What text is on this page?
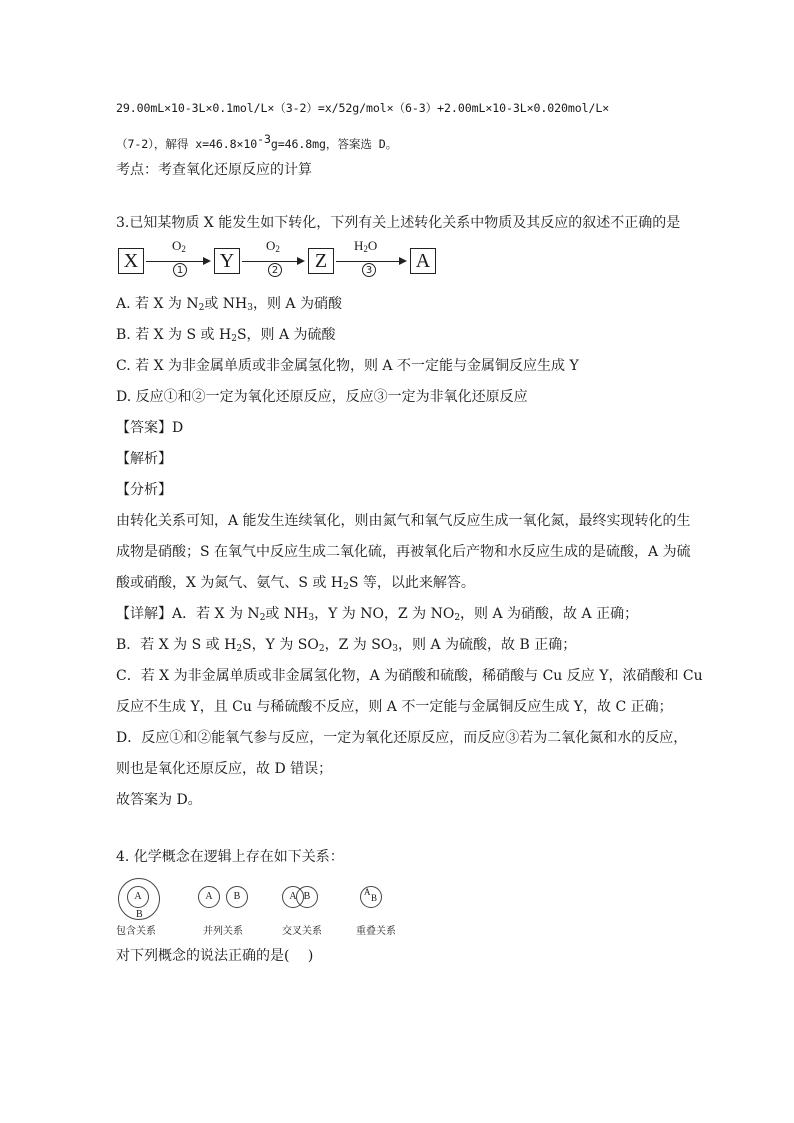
29.00mL×10-3L×0.1mol/L×（3-2）=x/52g/mol×（6-3）+2.00mL×10-3L×0.020mol/L×
（7-2），解得 $x=46.8\times 10^{-3}g=46.8mg$，答案选 D。
考点：考查氧化还原反应的计算
3.已知某物质 X 能发生如下转化，下列有关上述转化关系中物质及其反应的叙述不正确的是
X
$O_2$
1 Y
$O_2$
2	Z
$H_2O$
3 A
A. 若 X 为 $N_2$或 $NH_3$，则 A 为硝酸
B. 若 X 为 S 或 $H_2S$，则 A 为硫酸
C. 若 X 为非金属单质或非金属氢化物，则 A 不一定能与金属铜反应生成 Y
D. 反应①和②一定为氧化还原反应，反应③一定为非氧化还原反应
【答案】D
【解析】
【分析】
由转化关系可知，A 能发生连续氧化，则由氮气和氧气反应生成一氧化氮，最终实现转化的生
成物是硝酸；S 在氧气中反应生成二氧化硫，再被氧化后产物和水反应生成的是硫酸，A 为硫
酸或硝酸，X 为氮气、氨气、S 或 $H_2S$ 等，以此来解答。
【详解】A．若 X 为 $N_2$或 $NH_3$，Y 为 NO，Z 为 $NO_2$，则 A 为硝酸，故 A 正确；
B．若 X 为 S 或 $H_2S$，Y 为 $SO_2$，Z 为 $SO_3$，则 A 为硫酸，故 B 正确；
C．若 X 为非金属单质或非金属氢化物，A 为硝酸和硫酸，稀硝酸与 Cu 反应 Y，浓硝酸和 Cu
反应不生成 Y，且 Cu 与稀硫酸不反应，则 A 不一定能与金属铜反应生成 Y，故 C 正确；
D．反应①和②能氧气参与反应，一定为氧化还原反应，而反应③若为二氧化氮和水的反应，
则也是氧化还原反应，故 D 错误；
故答案为 D。
4. 化学概念在逻辑上存在如下关系：
A
B
包含关系
A	B
并列关系
A B
交叉关系
A
B
重叠关系
对下列概念的说法正确的是(　 )
